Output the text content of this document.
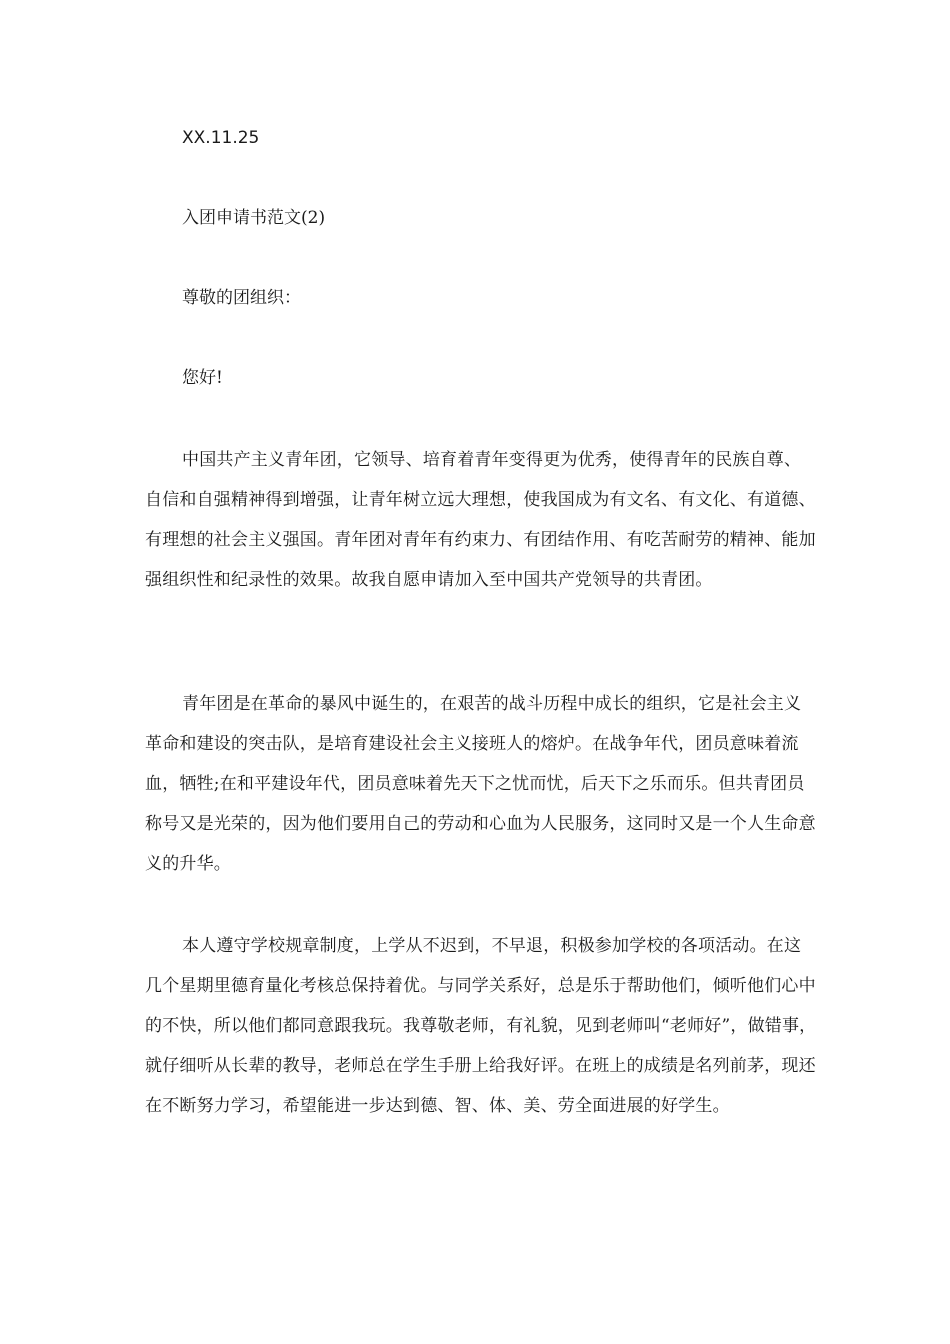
XX.11.25
入团申请书范文(2)
尊敬的团组织：
您好!

中国共产主义青年团，它领导、培育着青年变得更为优秀，使得青年的民族自尊、自信和自强精神得到增强，让青年树立远大理想，使我国成为有文名、有文化、有道德、有理想的社会主义强国。青年团对青年有约束力、有团结作用、有吃苦耐劳的精神、能加强组织性和纪录性的效果。故我自愿申请加入至中国共产党领导的共青团。

青年团是在革命的暴风中诞生的，在艰苦的战斗历程中成长的组织，它是社会主义革命和建设的突击队，是培育建设社会主义接班人的熔炉。在战争年代，团员意味着流血，牺牲;在和平建设年代，团员意味着先天下之忧而忧，后天下之乐而乐。但共青团员称号又是光荣的，因为他们要用自己的劳动和心血为人民服务，这同时又是一个人生命意义的升华。

本人遵守学校规章制度，上学从不迟到，不早退，积极参加学校的各项活动。在这几个星期里德育量化考核总保持着优。与同学关系好，总是乐于帮助他们，倾听他们心中的不快，所以他们都同意跟我玩。我尊敬老师，有礼貌，见到老师叫“老师好”，做错事，就仔细听从长辈的教导，老师总在学生手册上给我好评。在班上的成绩是名列前茅，现还在不断努力学习，希望能进一步达到德、智、体、美、劳全面进展的好学生。
